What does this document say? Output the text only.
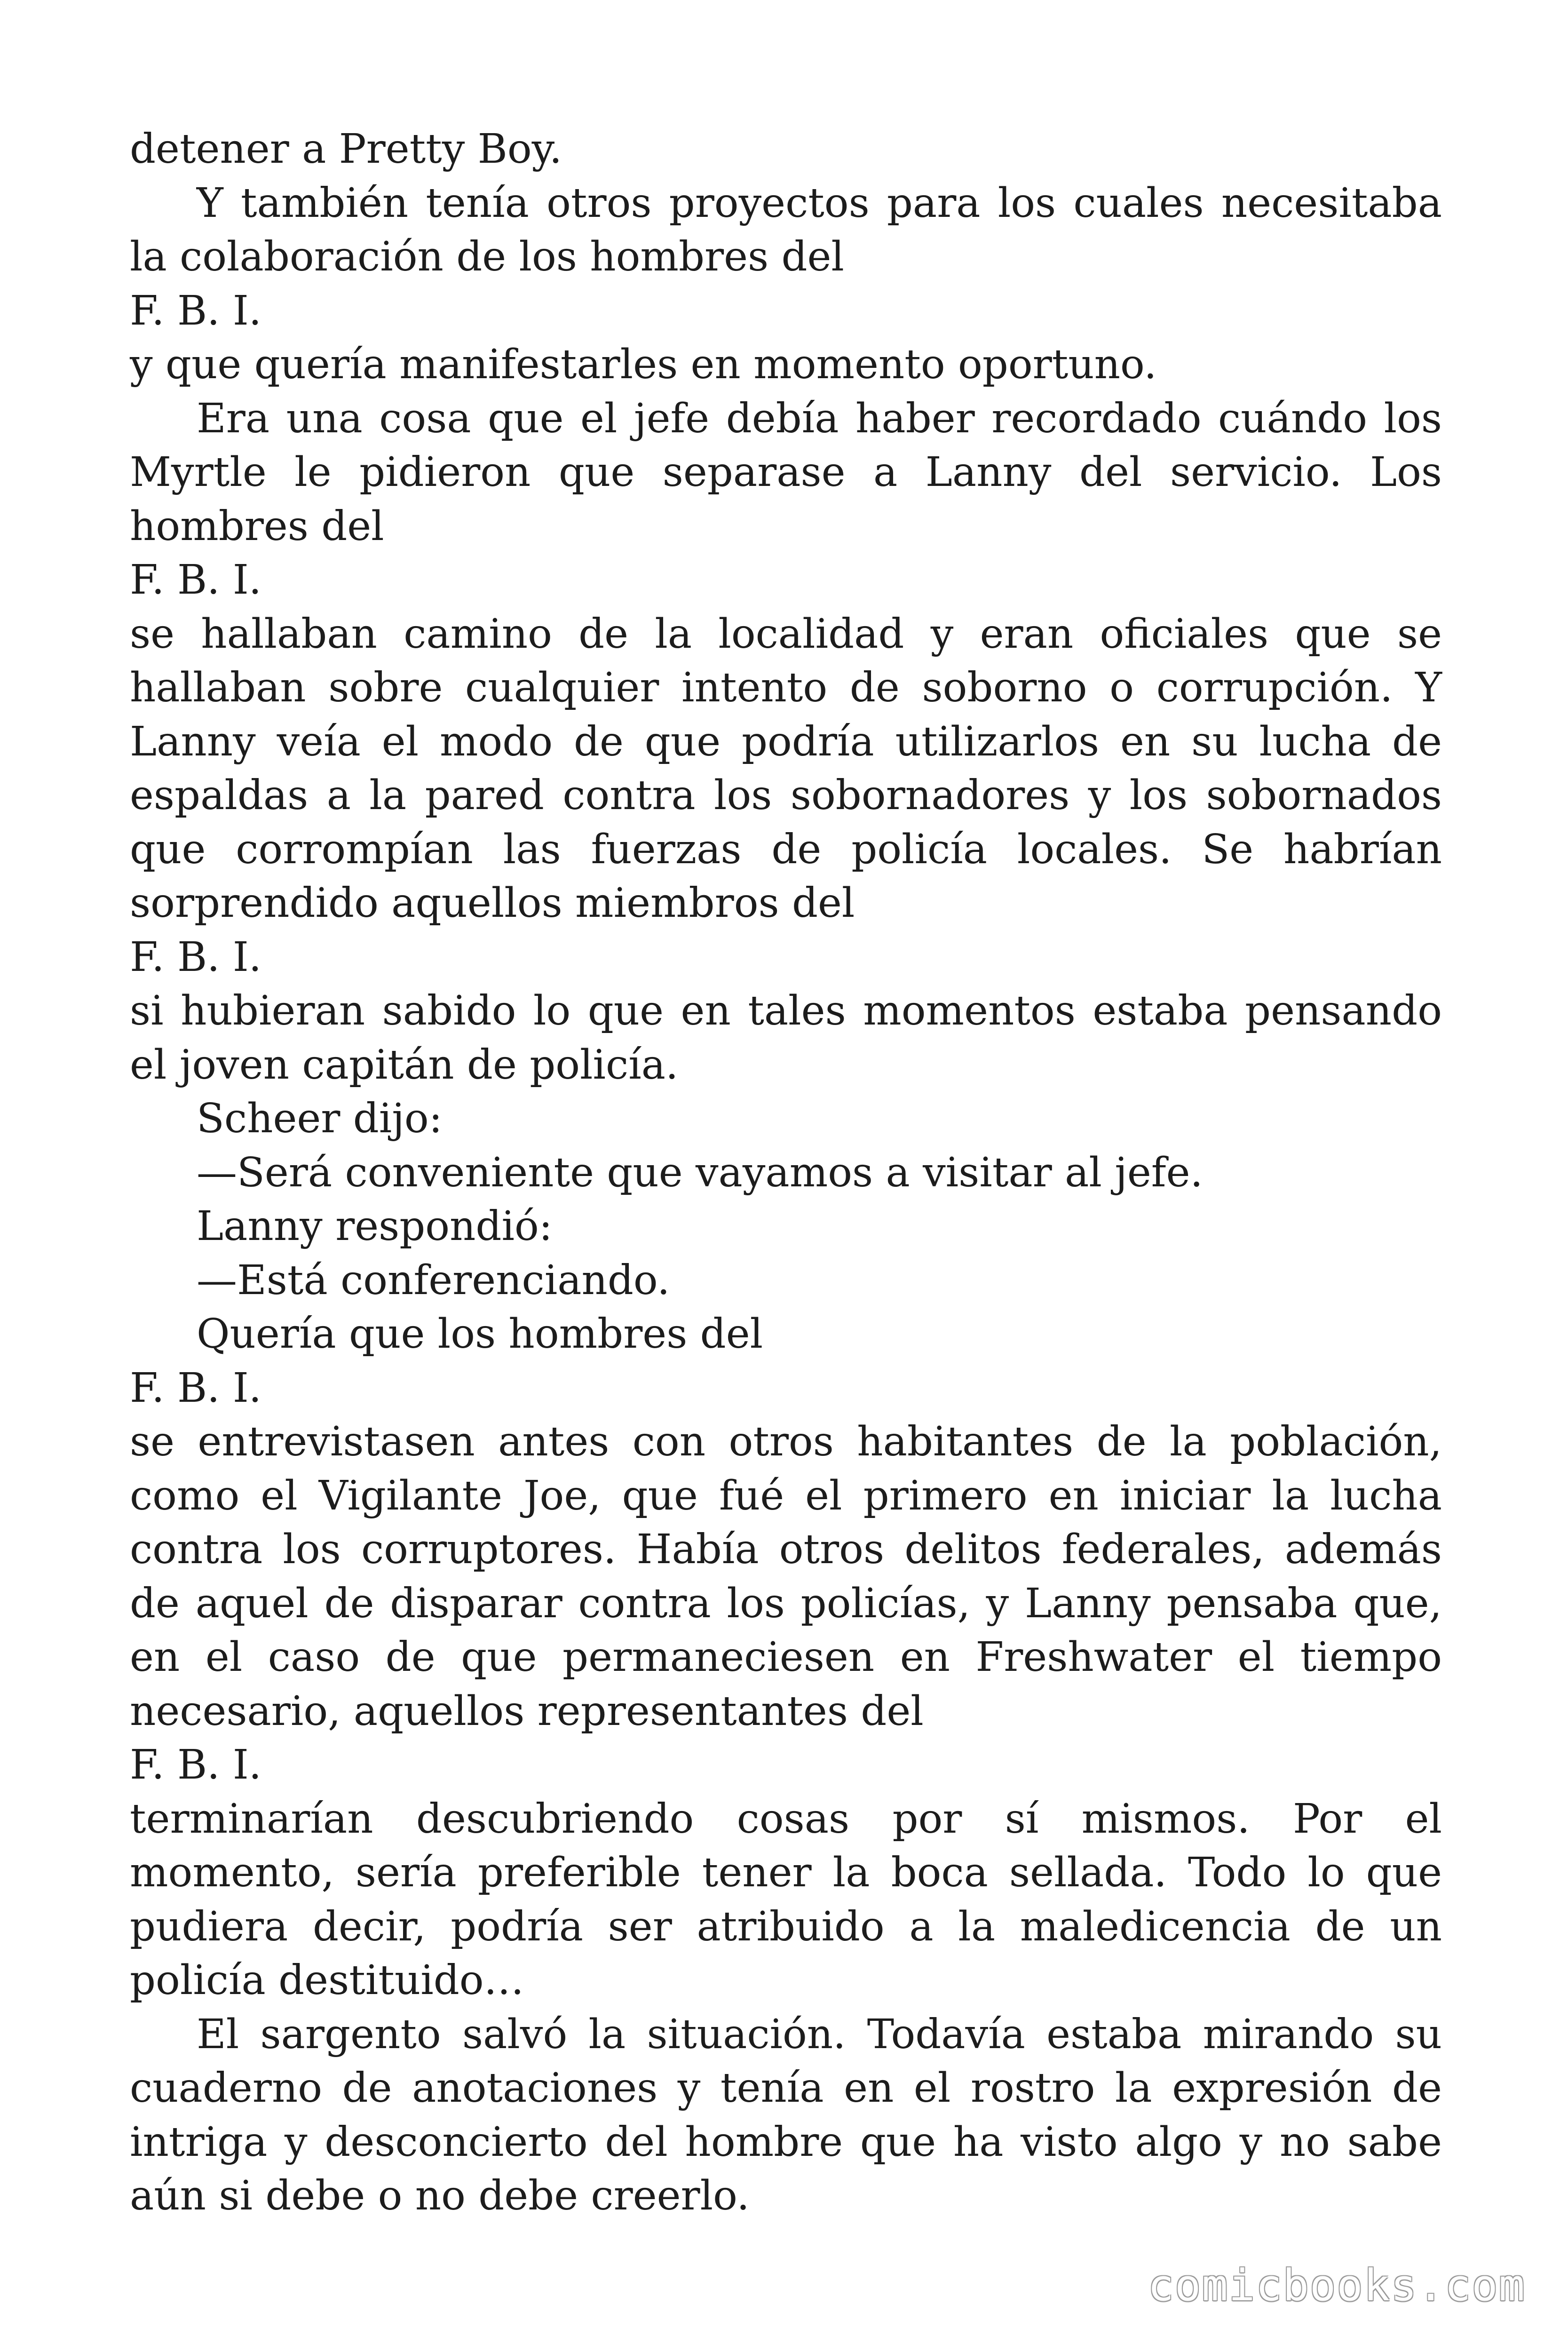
detener a Pretty Boy.

Y también tenía otros proyectos para los cuales necesitaba la colaboración de los hombres del

F. B. I.

y que quería manifestarles en momento oportuno.

Era una cosa que el jefe debía haber recordado cuándo los Myrtle le pidieron que separase a Lanny del servicio. Los hombres del

F. B. I.

se hallaban camino de la localidad y eran oficiales que se hallaban sobre cualquier intento de soborno o corrupción. Y Lanny veía el modo de que podría utilizarlos en su lucha de espaldas a la pared contra los sobornadores y los sobornados que corrompían las fuerzas de policía locales. Se habrían sorprendido aquellos miembros del

F. B. I.

si hubieran sabido lo que en tales momentos estaba pensando el joven capitán de policía.

Scheer dijo:

—Será conveniente que vayamos a visitar al jefe.

Lanny respondió:

—Está conferenciando.

Quería que los hombres del

F. B. I.

se entrevistasen antes con otros habitantes de la población, como el Vigilante Joe, que fué el primero en iniciar la lucha contra los corruptores. Había otros delitos federales, además de aquel de disparar contra los policías, y Lanny pensaba que, en el caso de que permaneciesen en Freshwater el tiempo necesario, aquellos representantes del

F. B. I.

terminarían descubriendo cosas por sí mismos. Por el momento, sería preferible tener la boca sellada. Todo lo que pudiera decir, podría ser atribuido a la maledicencia de un policía destituido…

El sargento salvó la situación. Todavía estaba mirando su cuaderno de anotaciones y tenía en el rostro la expresión de intriga y desconcierto del hombre que ha visto algo y no sabe aún si debe o no debe creerlo.

comicbooks.com
